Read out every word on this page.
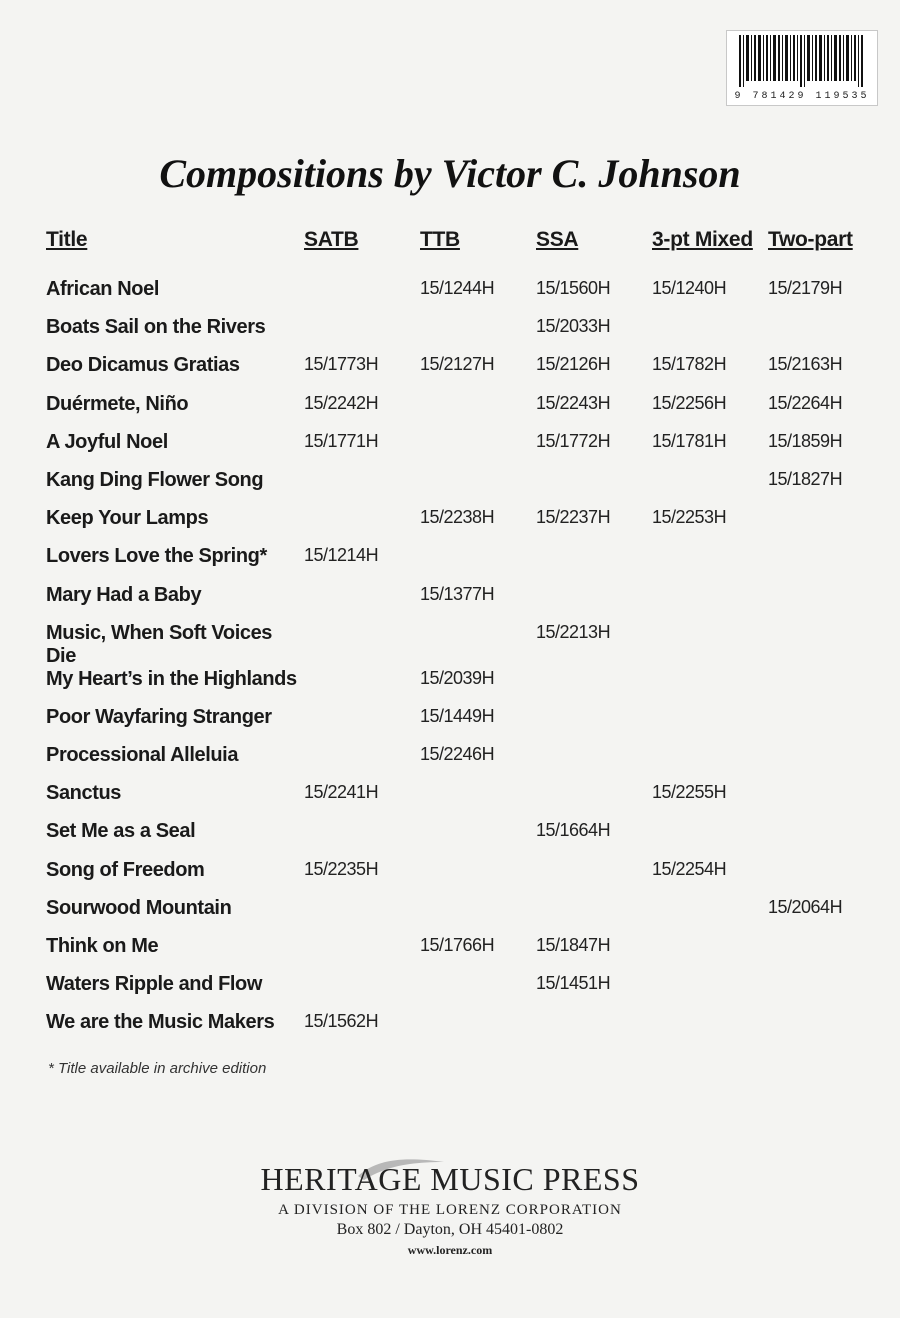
9 781429 119535
Compositions by Victor C. Johnson
Title	SATB	TTB	SSA	3-pt Mixed	Two-part

African Noel		15/1244H	15/1560H	15/1240H	15/2179H
Boats Sail on the Rivers			15/2033H		
Deo Dicamus Gratias	15/1773H	15/2127H	15/2126H	15/1782H	15/2163H
Duérmete, Niño	15/2242H		15/2243H	15/2256H	15/2264H
A Joyful Noel	15/1771H		15/1772H	15/1781H	15/1859H
Kang Ding Flower Song					15/1827H
Keep Your Lamps		15/2238H	15/2237H	15/2253H	
Lovers Love the Spring*	15/1214H				
Mary Had a Baby		15/1377H			
Music, When Soft Voices Die			15/2213H		
My Heart’s in the Highlands		15/2039H			
Poor Wayfaring Stranger		15/1449H			
Processional Alleluia		15/2246H			
Sanctus	15/2241H			15/2255H	
Set Me as a Seal			15/1664H		
Song of Freedom	15/2235H			15/2254H	
Sourwood Mountain					15/2064H
Think on Me		15/1766H	15/1847H		
Waters Ripple and Flow			15/1451H		
We are the Music Makers	15/1562H				
* Title available in archive edition
HERITAGE MUSIC PRESS
A DIVISION OF THE LORENZ CORPORATION
Box 802 / Dayton, OH 45401-0802
www.lorenz.com
